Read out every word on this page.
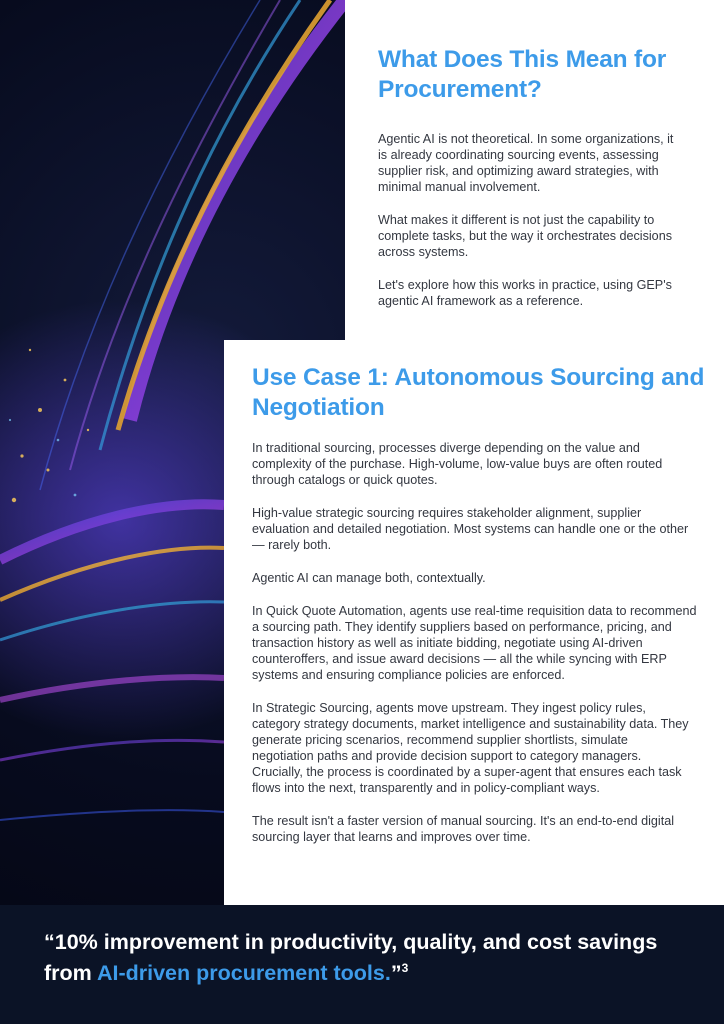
What Does This Mean for Procurement?

Agentic AI is not theoretical. In some organizations, it is already coordinating sourcing events, assessing supplier risk, and optimizing award strategies, with minimal manual involvement.

What makes it different is not just the capability to complete tasks, but the way it orchestrates decisions across systems.

Let's explore how this works in practice, using GEP's agentic AI framework as a reference.

Use Case 1: Autonomous Sourcing and Negotiation

In traditional sourcing, processes diverge depending on the value and complexity of the purchase. High-volume, low-value buys are often routed through catalogs or quick quotes.

High-value strategic sourcing requires stakeholder alignment, supplier evaluation and detailed negotiation. Most systems can handle one or the other — rarely both.

Agentic AI can manage both, contextually.

In Quick Quote Automation, agents use real-time requisition data to recommend a sourcing path. They identify suppliers based on performance, pricing, and transaction history as well as initiate bidding, negotiate using AI-driven counteroffers, and issue award decisions — all the while syncing with ERP systems and ensuring compliance policies are enforced.

In Strategic Sourcing, agents move upstream. They ingest policy rules, category strategy documents, market intelligence and sustainability data. They generate pricing scenarios, recommend supplier shortlists, simulate negotiation paths and provide decision support to category managers. Crucially, the process is coordinated by a super-agent that ensures each task flows into the next, transparently and in policy-compliant ways.

The result isn't a faster version of manual sourcing. It's an end-to-end digital sourcing layer that learns and improves over time.

“10% improvement in productivity, quality, and cost savings from AI-driven procurement tools.”$^3$
